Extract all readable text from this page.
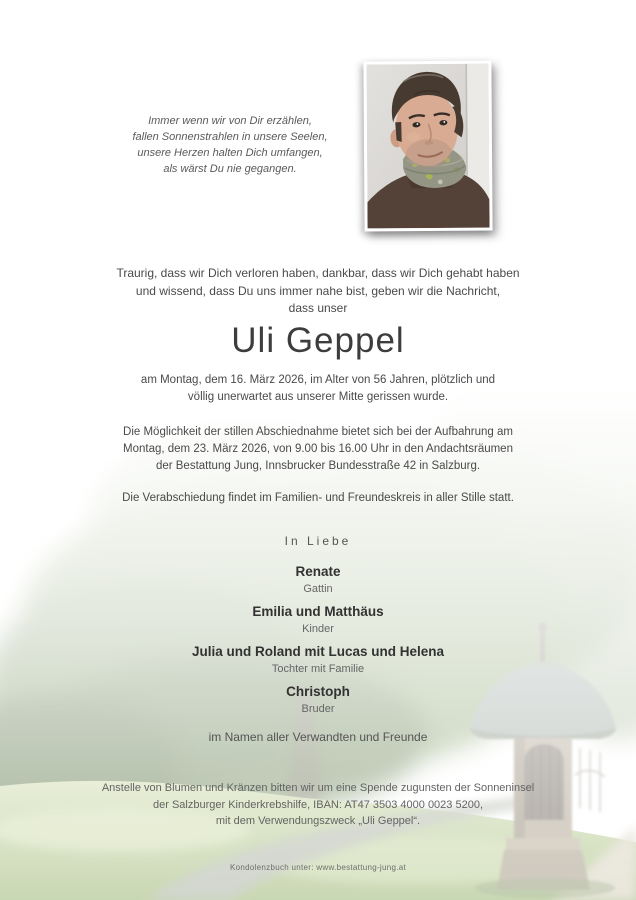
Immer wenn wir von Dir erzählen,
fallen Sonnenstrahlen in unsere Seelen,
unsere Herzen halten Dich umfangen,
als wärst Du nie gegangen.
Traurig, dass wir Dich verloren haben, dankbar, dass wir Dich gehabt haben
und wissend, dass Du uns immer nahe bist, geben wir die Nachricht,
dass unser
Uli Geppel
am Montag, dem 16. März 2026, im Alter von 56 Jahren, plötzlich und
völlig unerwartet aus unserer Mitte gerissen wurde.
Die Möglichkeit der stillen Abschiednahme bietet sich bei der Aufbahrung am
Montag, dem 23. März 2026, von 9.00 bis 16.00 Uhr in den Andachtsräumen
der Bestattung Jung, Innsbrucker Bundesstraße 42 in Salzburg.
Die Verabschiedung findet im Familien- und Freundeskreis in aller Stille statt.
In Liebe
Renate
Gattin
Emilia und Matthäus
Kinder
Julia und Roland mit Lucas und Helena
Tochter mit Familie
Christoph
Bruder
im Namen aller Verwandten und Freunde
Anstelle von Blumen und Kränzen bitten wir um eine Spende zugunsten der Sonneninsel
der Salzburger Kinderkrebshilfe, IBAN: AT47 3503 4000 0023 5200,
mit dem Verwendungszweck „Uli Geppel“.
Kondolenzbuch unter: www.bestattung-jung.at
